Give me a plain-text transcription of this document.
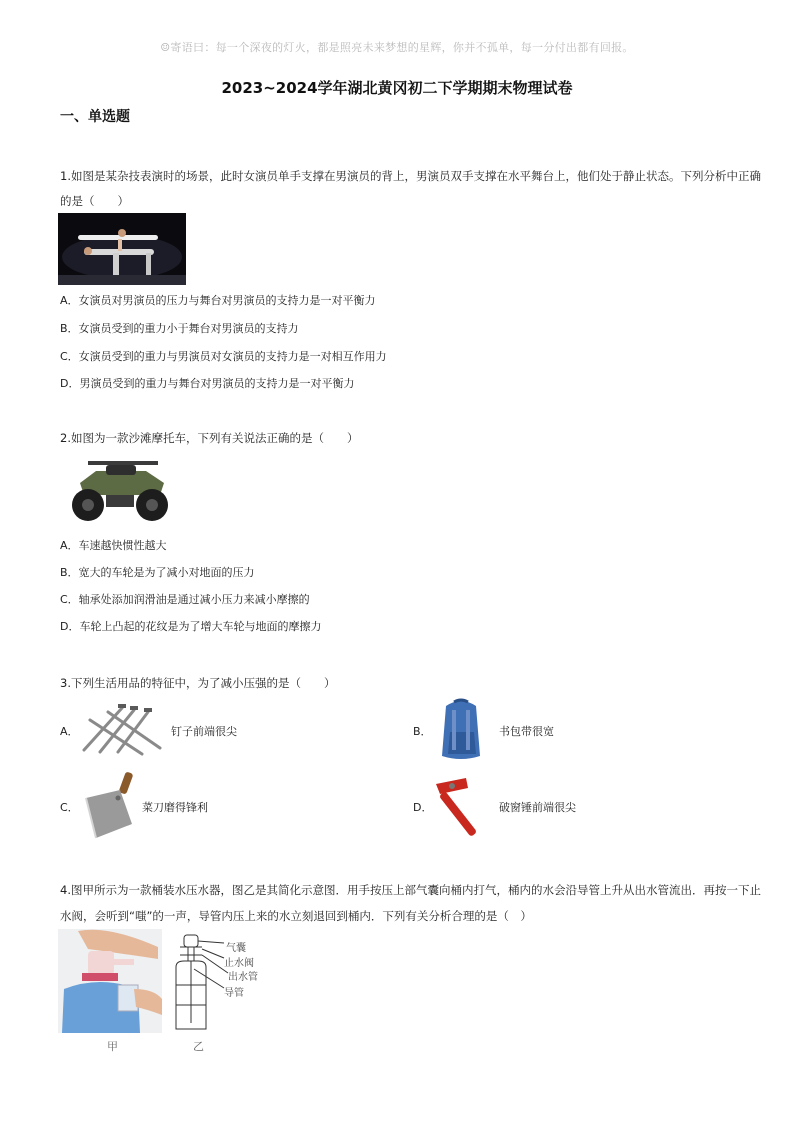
☺寄语曰：每一个深夜的灯火，都是照亮未来梦想的星辉，你并不孤单，每一分付出都有回报。
2023~2024学年湖北黄冈初二下学期期末物理试卷
一、单选题
1.如图是某杂技表演时的场景，此时女演员单手支撑在男演员的背上，男演员双手支撑在水平舞台上，他们处于静止状态。下列分析中正确
的是（　　）
A．女演员对男演员的压力与舞台对男演员的支持力是一对平衡力
B．女演员受到的重力小于舞台对男演员的支持力
C．女演员受到的重力与男演员对女演员的支持力是一对相互作用力
D．男演员受到的重力与舞台对男演员的支持力是一对平衡力
2.如图为一款沙滩摩托车，下列有关说法正确的是（　　）
A．车速越快惯性越大
B．宽大的车轮是为了减小对地面的压力
C．轴承处添加润滑油是通过减小压力来减小摩擦的
D．车轮上凸起的花纹是为了增大车轮与地面的摩擦力
3.下列生活用品的特征中，为了减小压强的是（　　）
A．	钉子前端很尖	B．	书包带很宽
C．	菜刀磨得锋利	D．	破窗锤前端很尖
4.图甲所示为一款桶装水压水器，图乙是其简化示意图．用手按压上部气囊向桶内打气，桶内的水会沿导管上升从出水管流出．再按一下止
水阀，会听到“嗤”的一声，导管内压上来的水立刻退回到桶内．下列有关分析合理的是（　）
甲
气囊
止水阀
出水管
导管
乙
